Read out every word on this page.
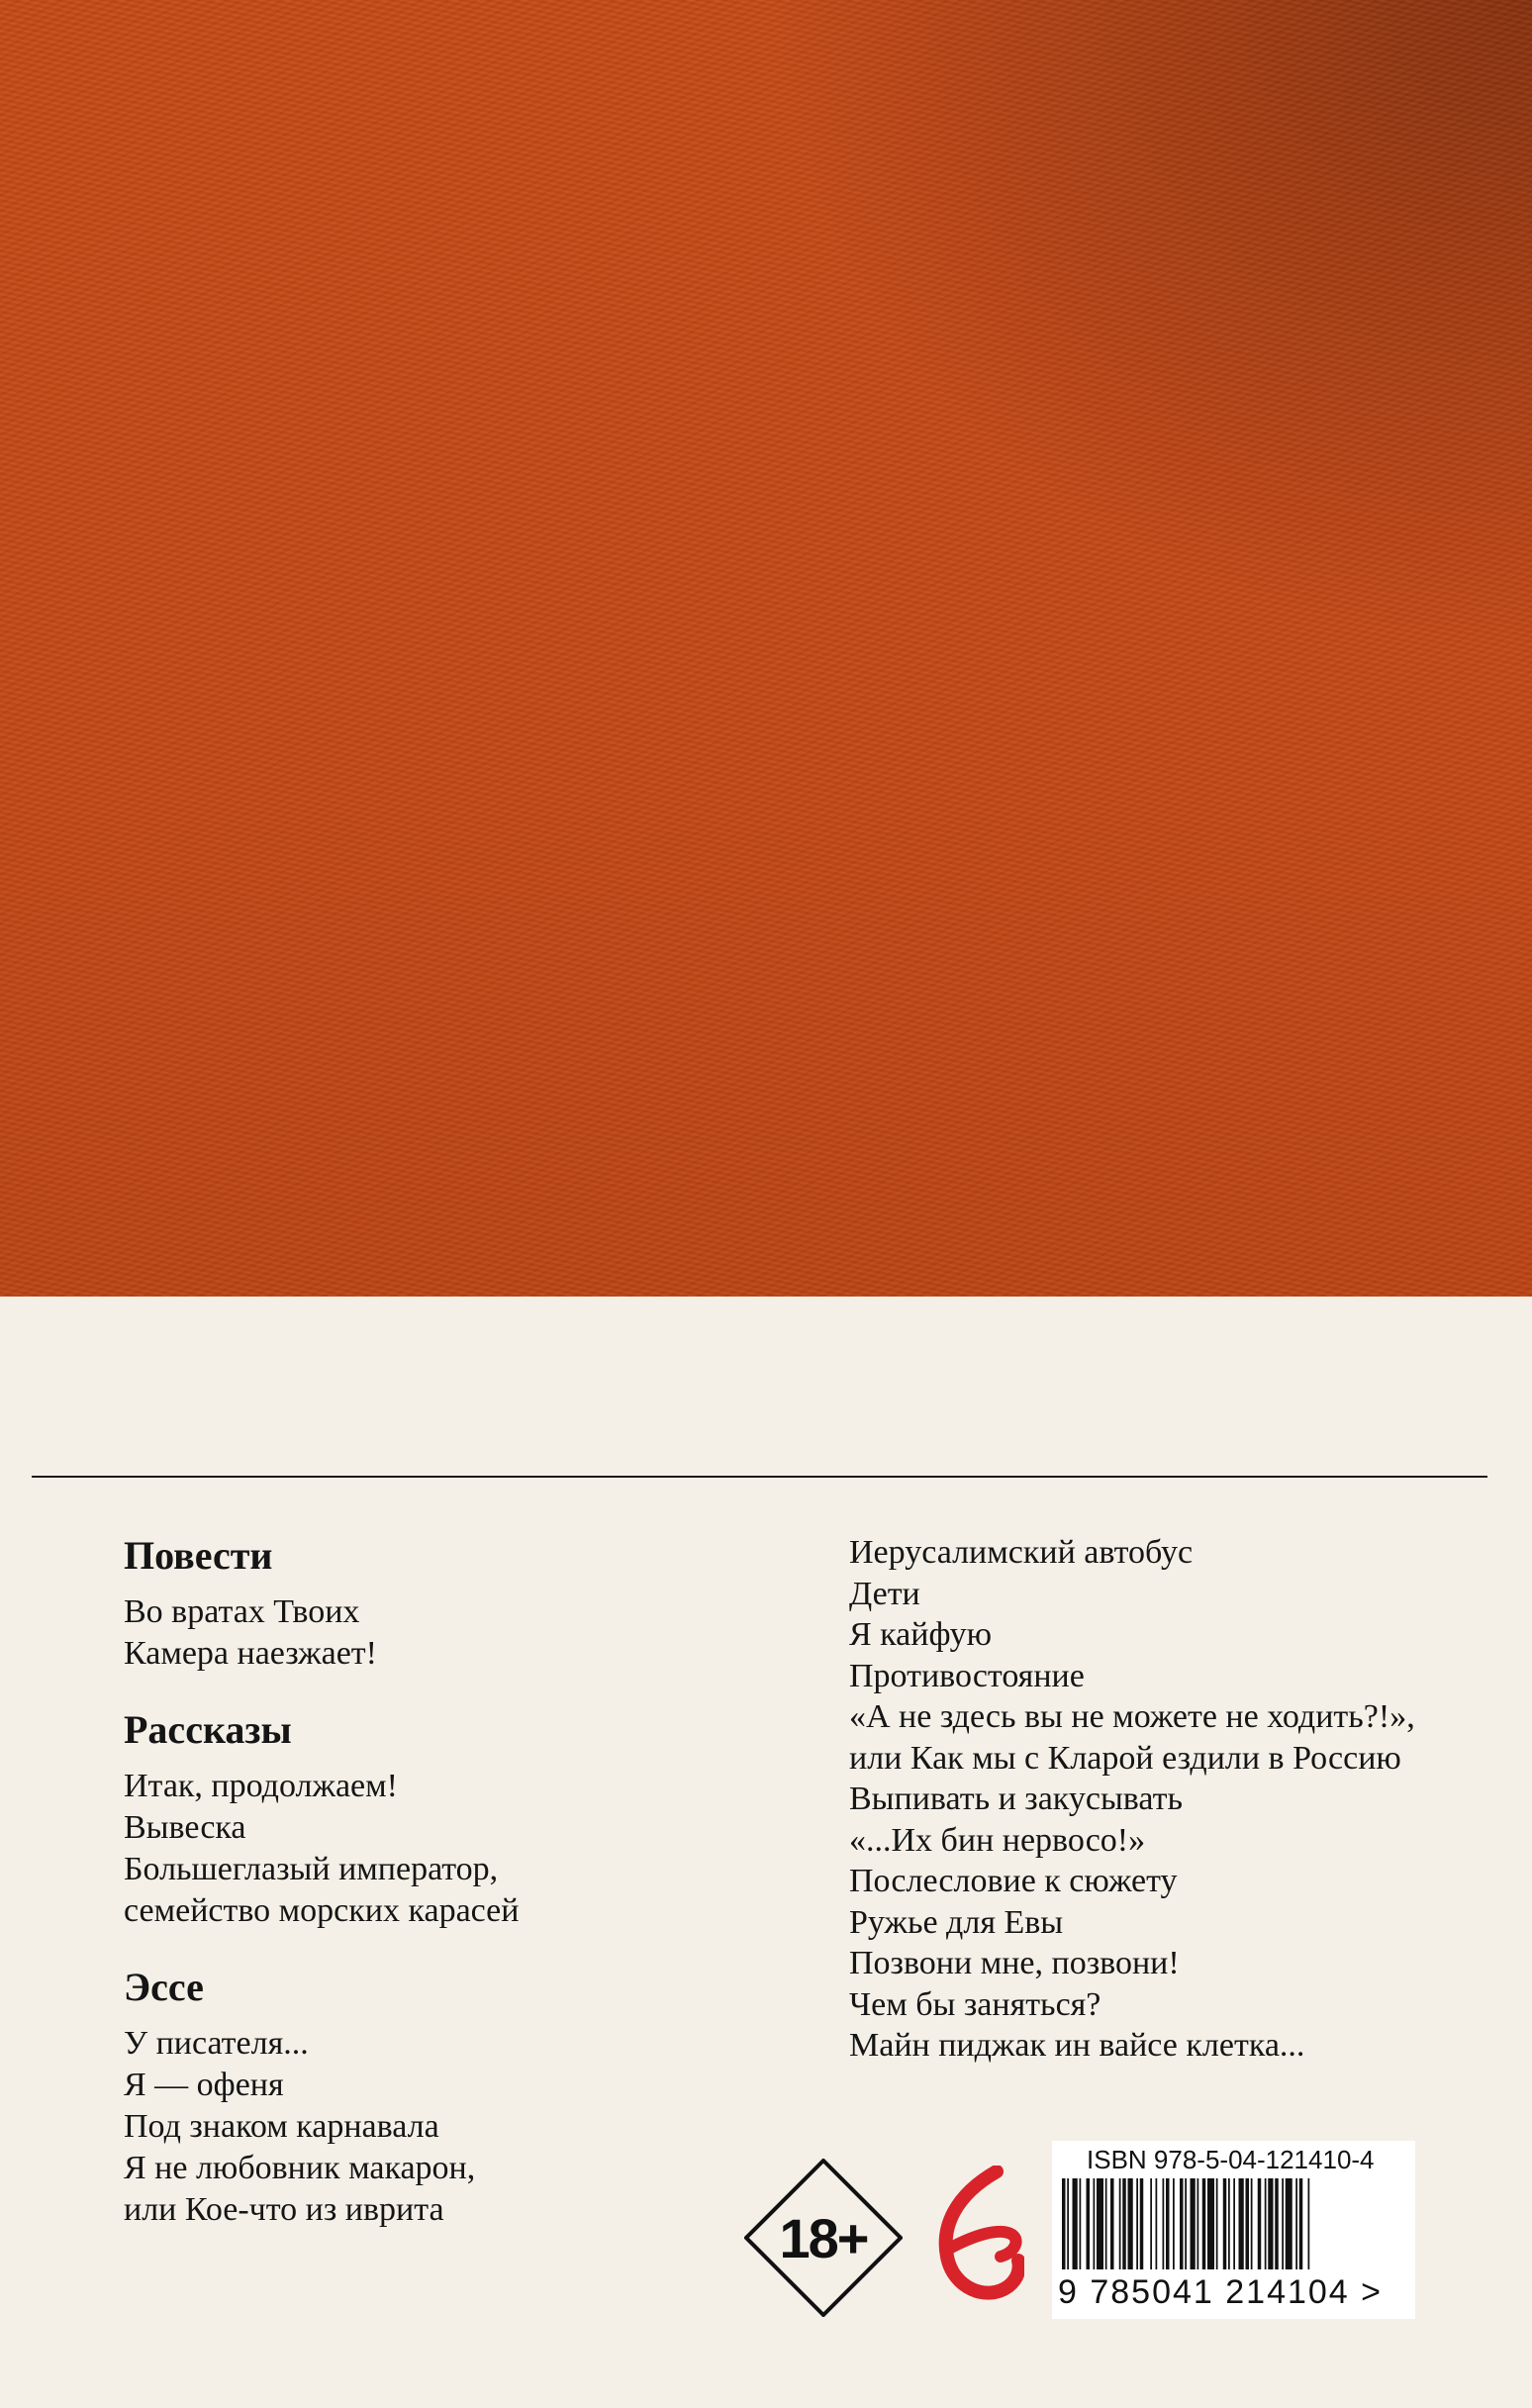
Повести
Во вратах Твоих
Камера наезжает!
Рассказы
Итак, продолжаем!
Вывеска
Большеглазый император,
семейство морских карасей
Эссе
У писателя...
Я — офеня
Под знаком карнавала
Я не любовник макарон,
или Кое-что из иврита
Иерусалимский автобус
Дети
Я кайфую
Противостояние
«А не здесь вы не можете не ходить?!»,
или Как мы с Кларой ездили в Россию
Выпивать и закусывать
«...Их бин нервосо!»
Послесловие к сюжету
Ружье для Евы
Позвони мне, позвони!
Чем бы заняться?
Майн пиджак ин вайсе клетка...
18+
ISBN 978-5-04-121410-4
9 785041 214104 >
